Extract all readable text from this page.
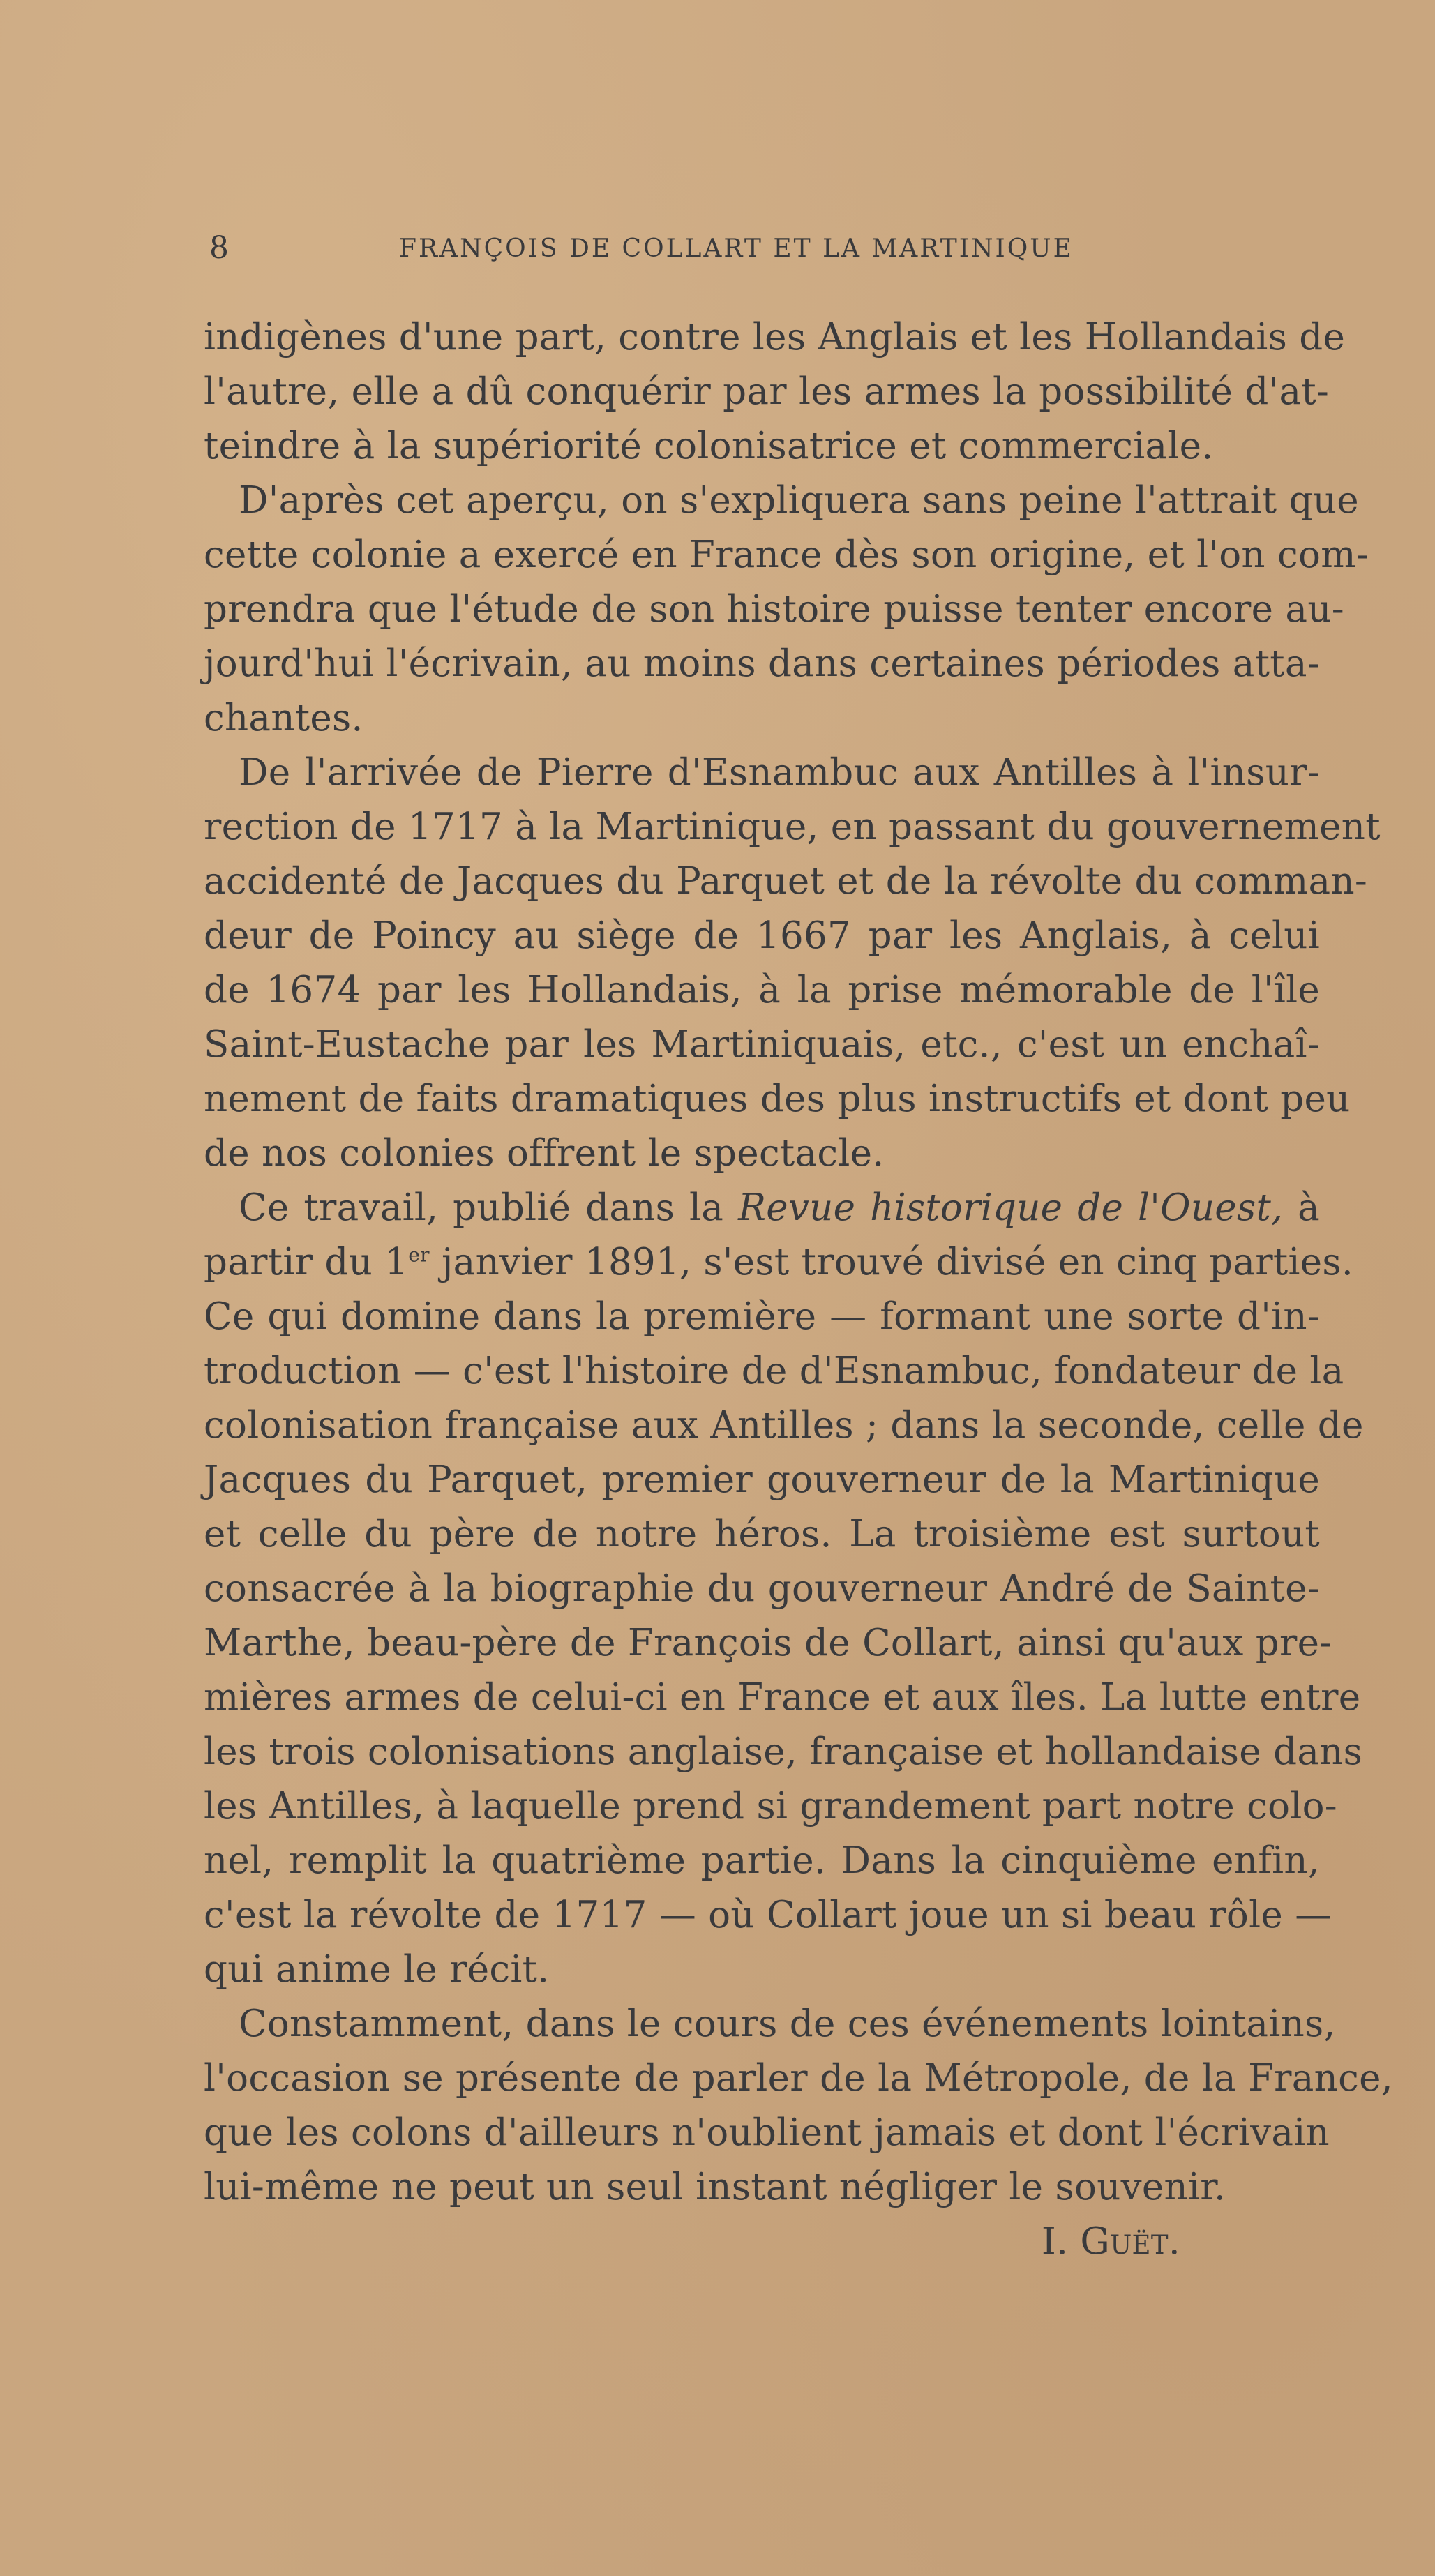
8	FRANÇOIS DE COLLART ET LA MARTINIQUE
indigènes d'une part, contre les Anglais et les Hollandais de
l'autre, elle a dû conquérir par les armes la possibilité d'at-
teindre à la supériorité colonisatrice et commerciale.
D'après cet aperçu, on s'expliquera sans peine l'attrait que
cette colonie a exercé en France dès son origine, et l'on com-
prendra que l'étude de son histoire puisse tenter encore au-
jourd'hui l'écrivain, au moins dans certaines périodes atta-
chantes.
De l'arrivée de Pierre d'Esnambuc aux Antilles à l'insur-
rection de 1717 à la Martinique, en passant du gouvernement
accidenté de Jacques du Parquet et de la révolte du comman-
deur de Poincy au siège de 1667 par les Anglais, à celui
de 1674 par les Hollandais, à la prise mémorable de l'île
Saint-Eustache par les Martiniquais, etc., c'est un enchaî-
nement de faits dramatiques des plus instructifs et dont peu
de nos colonies offrent le spectacle.
Ce travail, publié dans la Revue historique de l'Ouest, à
partir du 1er janvier 1891, s'est trouvé divisé en cinq parties.
Ce qui domine dans la première — formant une sorte d'in-
troduction — c'est l'histoire de d'Esnambuc, fondateur de la
colonisation française aux Antilles ; dans la seconde, celle de
Jacques du Parquet, premier gouverneur de la Martinique
et celle du père de notre héros. La troisième est surtout
consacrée à la biographie du gouverneur André de Sainte-
Marthe, beau-père de François de Collart, ainsi qu'aux pre-
mières armes de celui-ci en France et aux îles. La lutte entre
les trois colonisations anglaise, française et hollandaise dans
les Antilles, à laquelle prend si grandement part notre colo-
nel, remplit la quatrième partie. Dans la cinquième enfin,
c'est la révolte de 1717 — où Collart joue un si beau rôle —
qui anime le récit.
Constamment, dans le cours de ces événements lointains,
l'occasion se présente de parler de la Métropole, de la France,
que les colons d'ailleurs n'oublient jamais et dont l'écrivain
lui-même ne peut un seul instant négliger le souvenir.
I. Guët.
